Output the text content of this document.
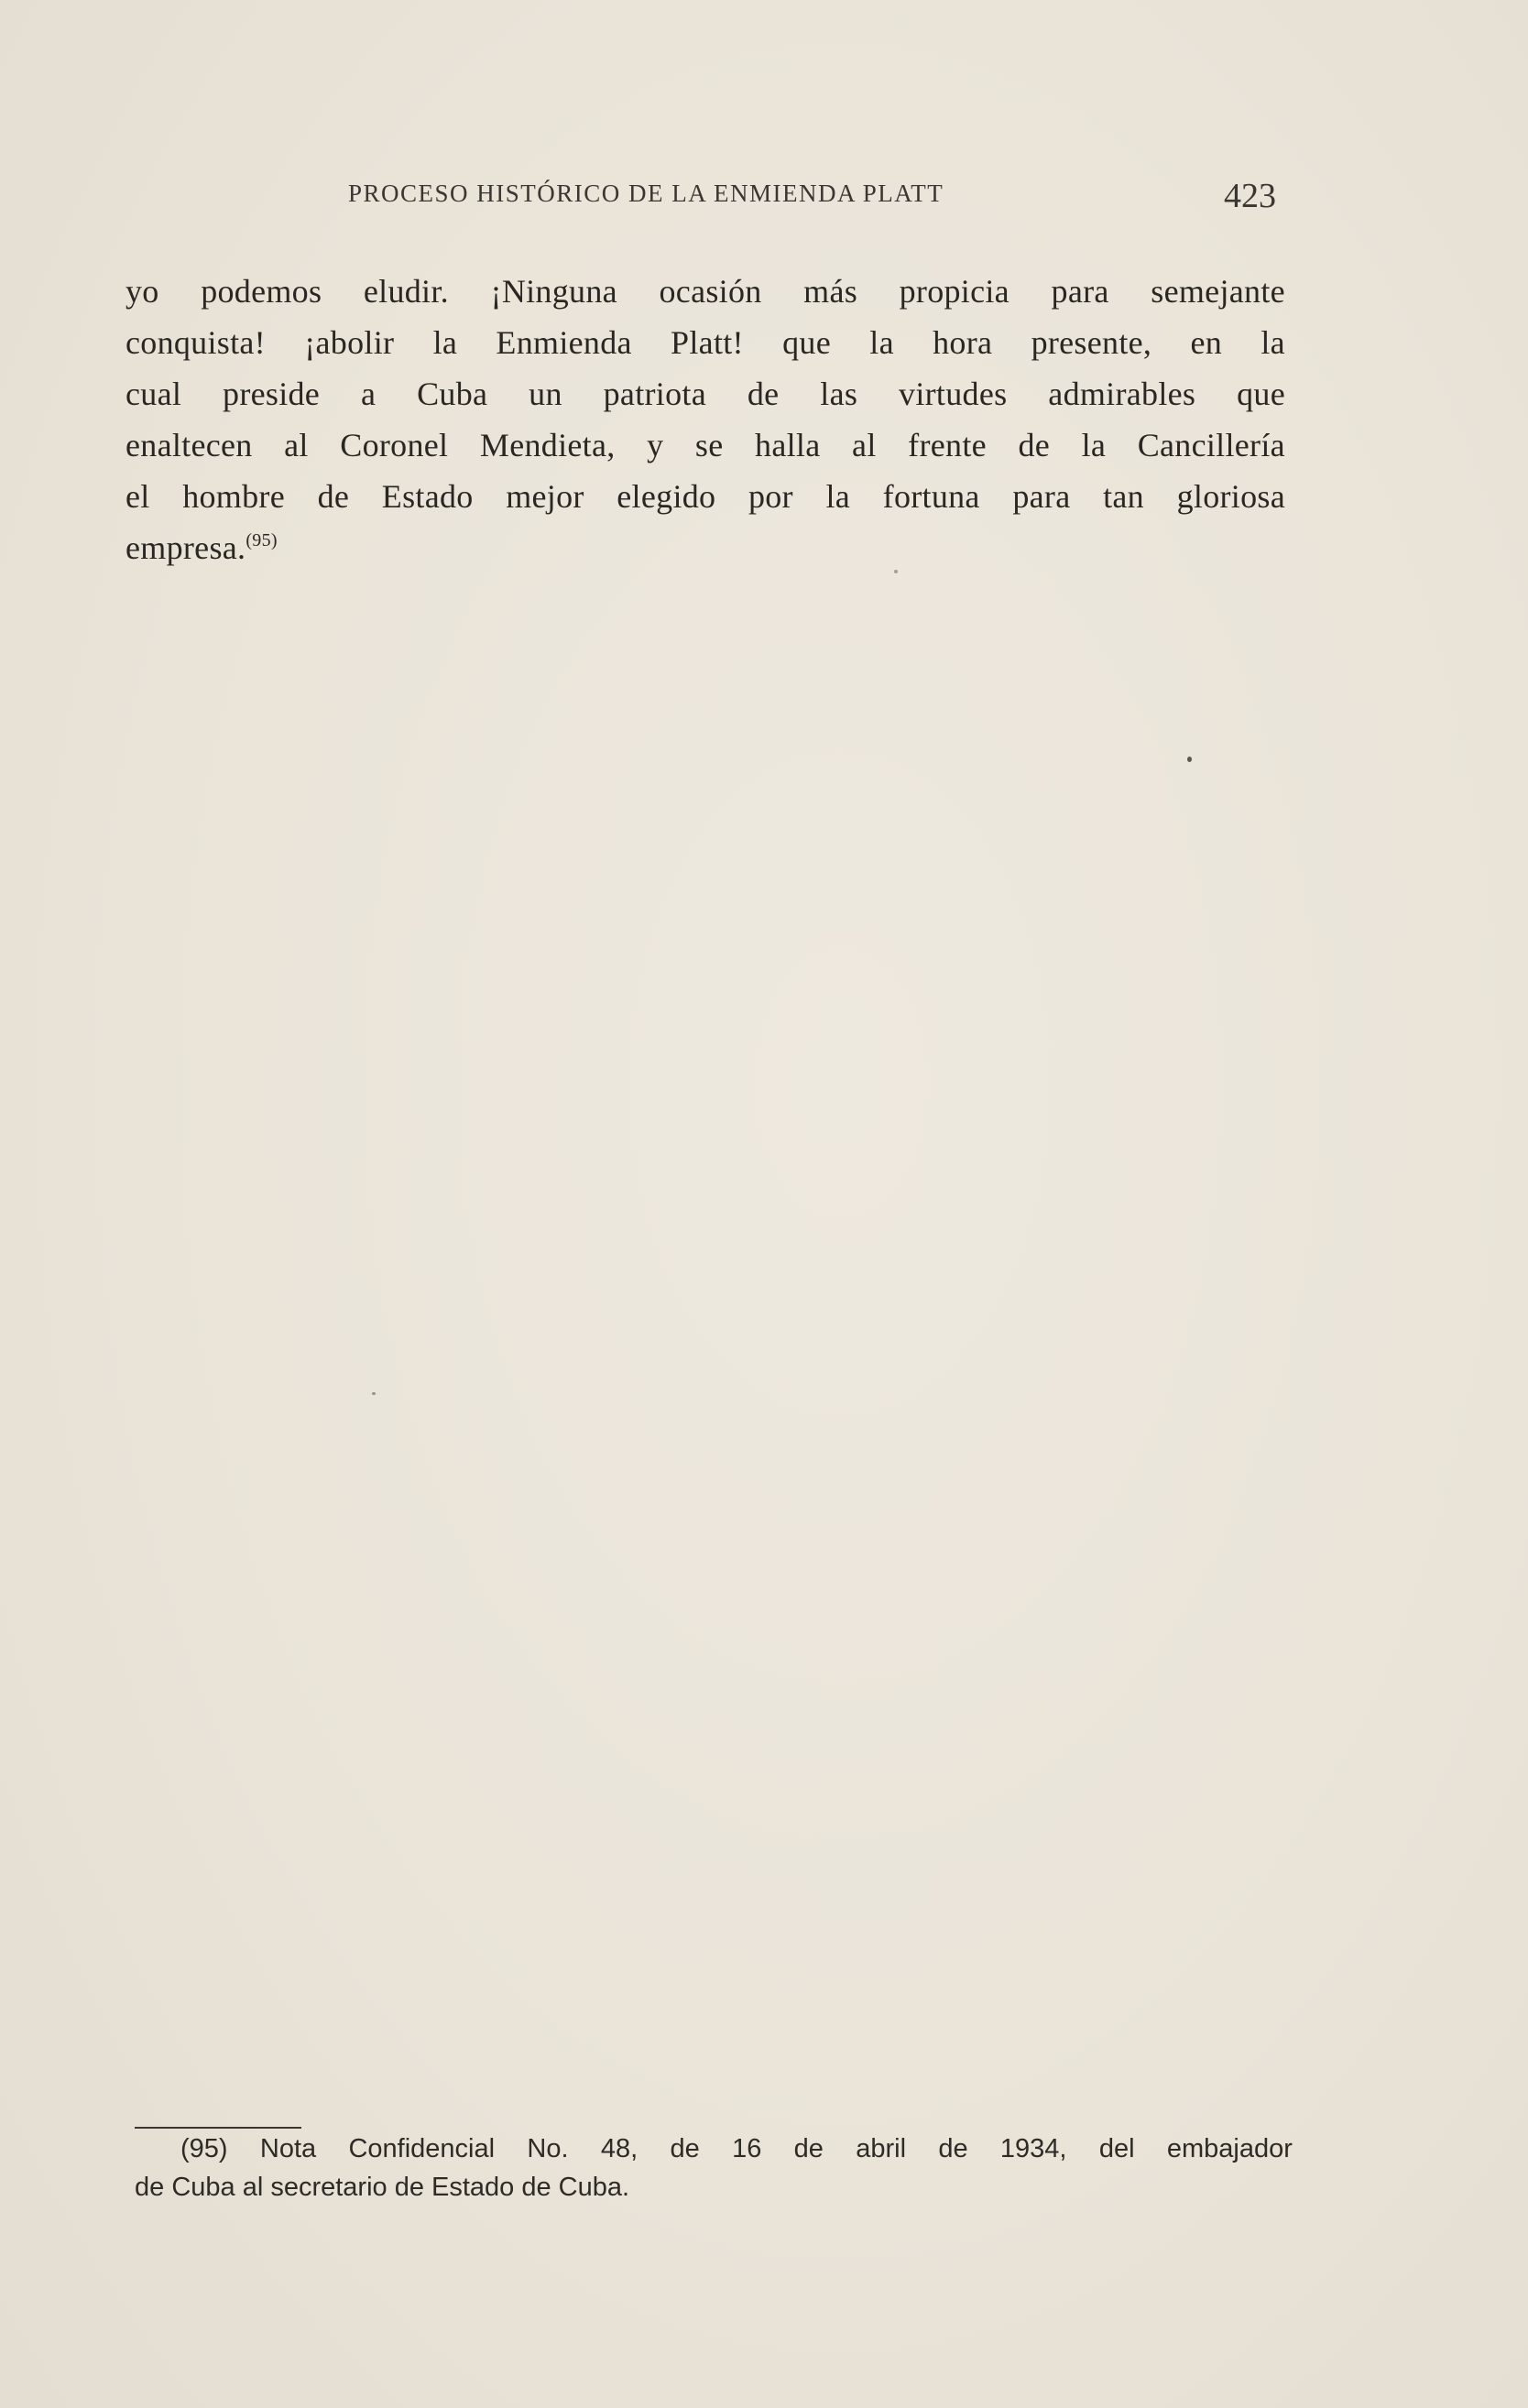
PROCESO HISTÓRICO DE LA ENMIENDA PLATT	423
yo podemos eludir. ¡Ninguna ocasión más propicia para semejante
conquista! ¡abolir la Enmienda Platt! que la hora presente, en la
cual preside a Cuba un patriota de las virtudes admirables que
enaltecen al Coronel Mendieta, y se halla al frente de la Cancillería
el hombre de Estado mejor elegido por la fortuna para tan gloriosa
empresa.$^{(95)}$
(95) Nota Confidencial No. 48, de 16 de abril de 1934, del embajador
de Cuba al secretario de Estado de Cuba.
